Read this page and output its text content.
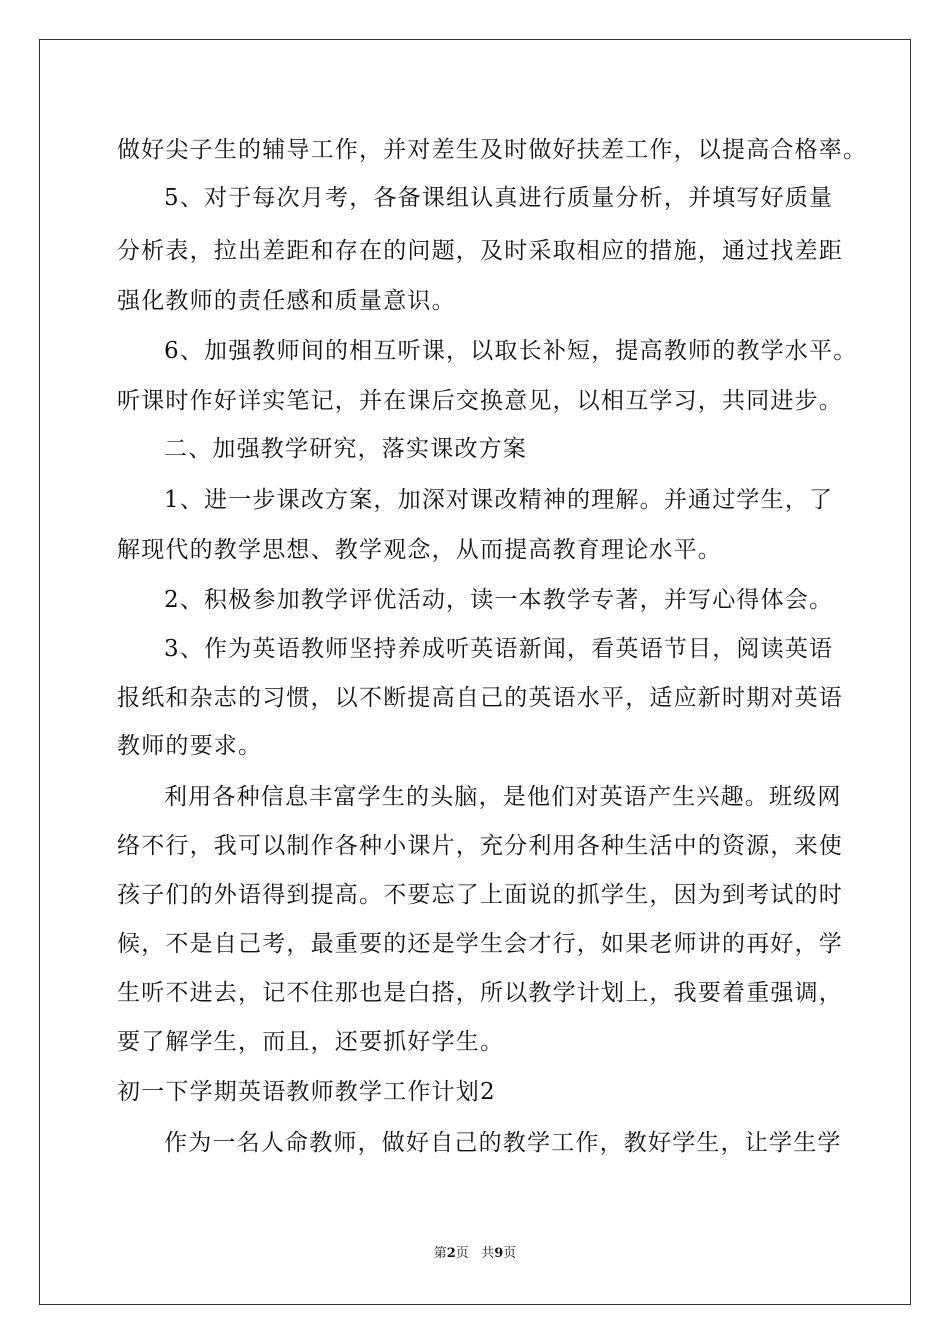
做好尖子生的辅导工作，并对差生及时做好扶差工作，以提高合格率。
5、对于每次月考，各备课组认真进行质量分析，并填写好质量
分析表，拉出差距和存在的问题，及时采取相应的措施，通过找差距
强化教师的责任感和质量意识。
6、加强教师间的相互听课，以取长补短，提高教师的教学水平。
听课时作好详实笔记，并在课后交换意见，以相互学习，共同进步。
二、加强教学研究，落实课改方案
1、进一步课改方案，加深对课改精神的理解。并通过学生，了
解现代的教学思想、教学观念，从而提高教育理论水平。
2、积极参加教学评优活动，读一本教学专著，并写心得体会。
3、作为英语教师坚持养成听英语新闻，看英语节目，阅读英语
报纸和杂志的习惯，以不断提高自己的英语水平，适应新时期对英语
教师的要求。
利用各种信息丰富学生的头脑，是他们对英语产生兴趣。班级网
络不行，我可以制作各种小课片，充分利用各种生活中的资源，来使
孩子们的外语得到提高。不要忘了上面说的抓学生，因为到考试的时
候，不是自己考，最重要的还是学生会才行，如果老师讲的再好，学
生听不进去，记不住那也是白搭，所以教学计划上，我要着重强调，
要了解学生，而且，还要抓好学生。
初一下学期英语教师教学工作计划2
作为一名人命教师，做好自己的教学工作，教好学生，让学生学
第2页 共9页
